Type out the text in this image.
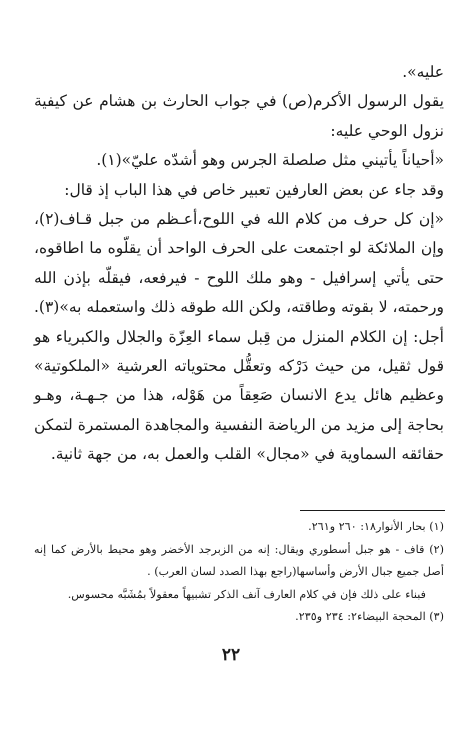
عليه».

يقول الرسول الأكرم(ص) في جواب الحارث بن هشام عن كيفية نزول الوحي عليه:

«أحياناً يأتيني مثل صلصلة الجرس وهو أشدّه عليّ»(١).

وقد جاء عن بعض العارفين تعبير خاص في هذا الباب إذ قال:

«إن كل حرف من كلام الله في اللوح،أعـظم من جبل قـاف(٢)، وإن الملائكة لو اجتمعت على الحرف الواحد أن يقلّوه ما اطاقوه، حتى يأتي إسرافيل - وهو ملك اللوح - فيرفعه، فيقلّه بإذن الله ورحمته، لا بقوته وطاقته، ولكن الله طوقه ذلك واستعمله به»(٣).

أجل: إن الكلام المنزل من قِبل سماء العِزّة والجلال والكبرياء هو قول ثقيل، من حيث دَرْكه وتعقُّل محتوياته العرشية «الملكوتية» وعظيم هائل يدع الانسان صَعِقاً من هَوْله، هذا من جـهـة، وهـو بحاجة إلى مزيد من الرياضة النفسية والمجاهدة المستمرة لتمكن حقائقه السماوية في «مجال» القلب والعمل به، من جهة ثانية.

(١) بحار الأنوار١٨: ٢٦٠ و٢٦١.

(٢) قاف - هو جبل أسطوري ويقال: إنه من الزبرجد الأخضر وهو محيط بالأرض كما إنه أصل جميع جبال الأرض وأساسها(راجع بهذا الصدد لسان العرب) .

فبناء على ذلك فإن في كلام العارف آنف الذكر تشبيهاً معقولاً بمُشَبَّه محسوس.

(٣) المحجة البيضاء٢: ٢٣٤ و٢٣٥.

٢٢
